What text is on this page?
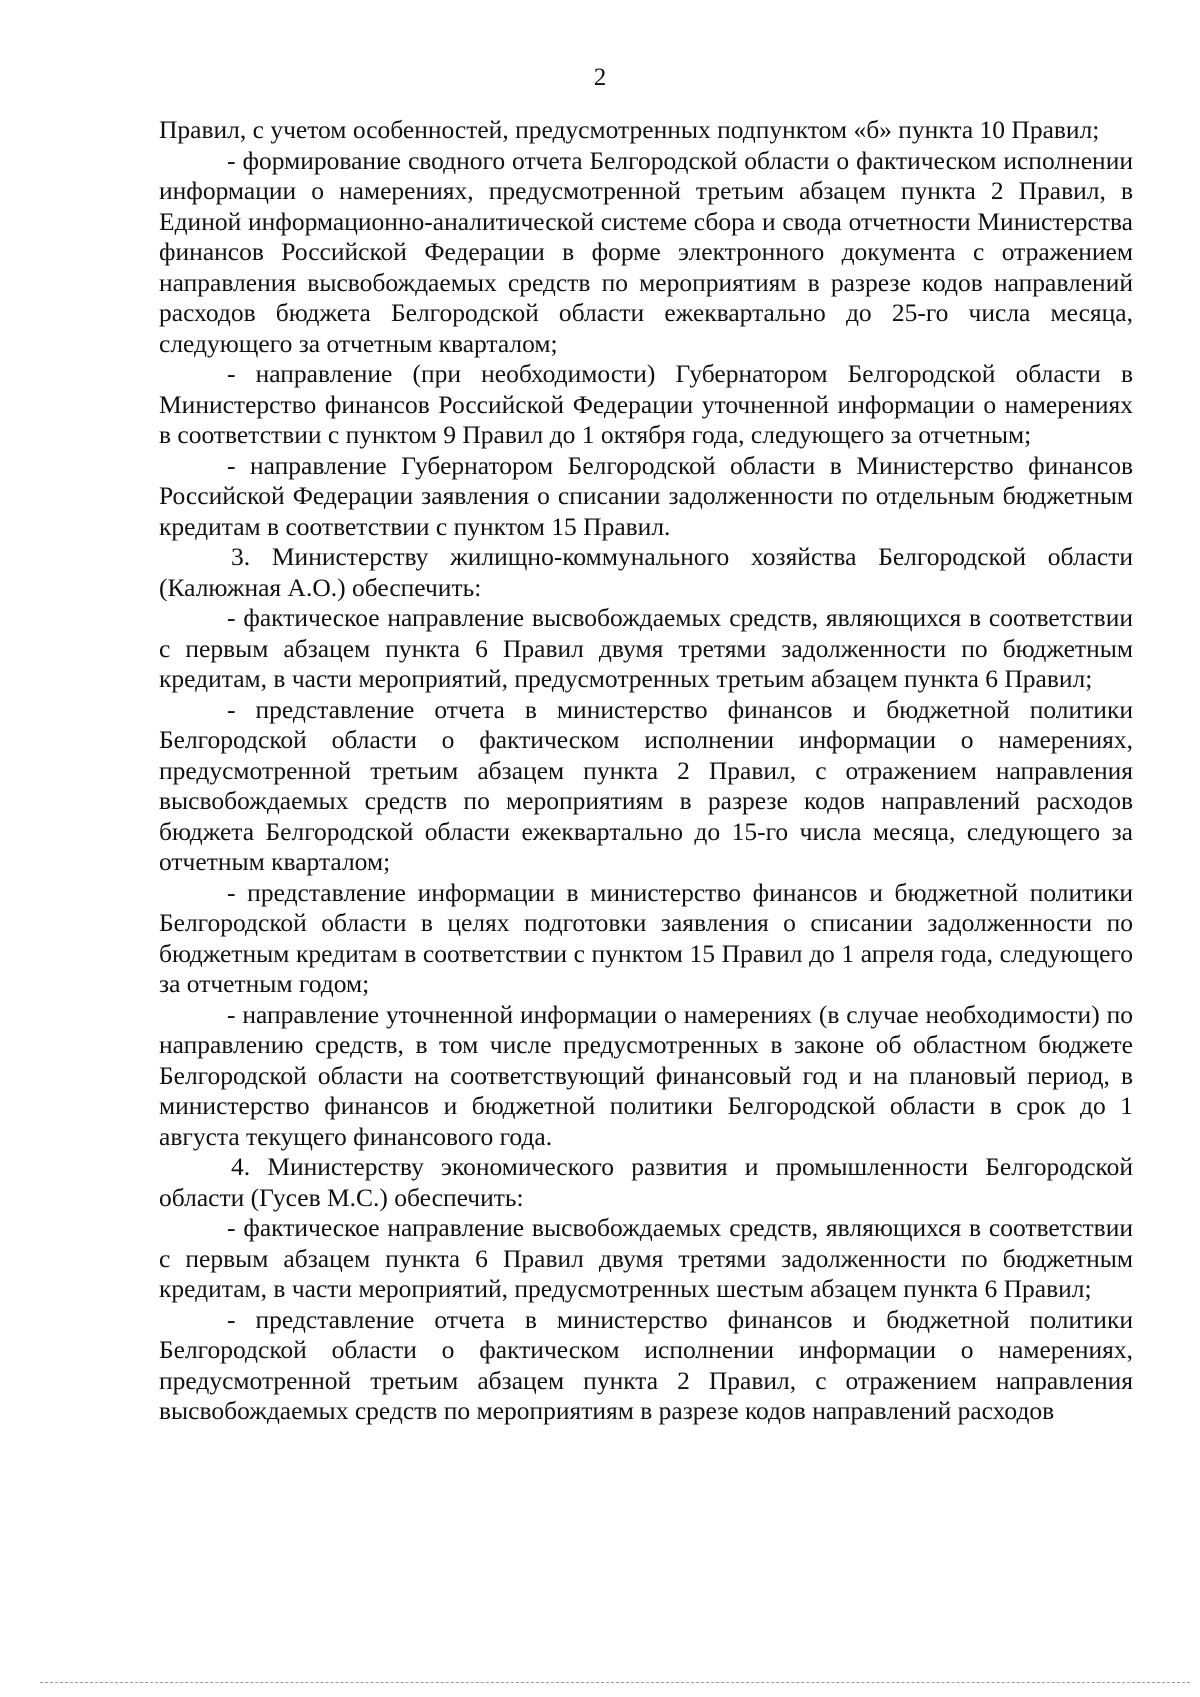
2

Правил, с учетом особенностей, предусмотренных подпунктом «б» пункта 10 Правил;

- формирование сводного отчета Белгородской области о фактическом исполнении информации о намерениях, предусмотренной третьим абзацем пункта 2 Правил, в Единой информационно-аналитической системе сбора и свода отчетности Министерства финансов Российской Федерации в форме электронного документа с отражением направления высвобождаемых средств по мероприятиям в разрезе кодов направлений расходов бюджета Белгородской области ежеквартально до 25-го числа месяца, следующего за отчетным кварталом;

- направление (при необходимости) Губернатором Белгородской области в Министерство финансов Российской Федерации уточненной информации о намерениях в соответствии с пунктом 9 Правил до 1 октября года, следующего за отчетным;

- направление Губернатором Белгородской области в Министерство финансов Российской Федерации заявления о списании задолженности по отдельным бюджетным кредитам в соответствии с пунктом 15 Правил.

3. Министерству жилищно-коммунального хозяйства Белгородской области (Калюжная А.О.) обеспечить:

- фактическое направление высвобождаемых средств, являющихся в соответствии с первым абзацем пункта 6 Правил двумя третями задолженности по бюджетным кредитам, в части мероприятий, предусмотренных третьим абзацем пункта 6 Правил;

- представление отчета в министерство финансов и бюджетной политики Белгородской области о фактическом исполнении информации о намерениях, предусмотренной третьим абзацем пункта 2 Правил, с отражением направления высвобождаемых средств по мероприятиям в разрезе кодов направлений расходов бюджета Белгородской области ежеквартально до 15-го числа месяца, следующего за отчетным кварталом;

- представление информации в министерство финансов и бюджетной политики Белгородской области в целях подготовки заявления о списании задолженности по бюджетным кредитам в соответствии с пунктом 15 Правил до 1 апреля года, следующего за отчетным годом;

- направление уточненной информации о намерениях (в случае необходимости) по направлению средств, в том числе предусмотренных в законе об областном бюджете Белгородской области на соответствующий финансовый год и на плановый период, в министерство финансов и бюджетной политики Белгородской области в срок до 1 августа текущего финансового года.

4. Министерству экономического развития и промышленности Белгородской области (Гусев М.С.) обеспечить:

- фактическое направление высвобождаемых средств, являющихся в соответствии с первым абзацем пункта 6 Правил двумя третями задолженности по бюджетным кредитам, в части мероприятий, предусмотренных шестым абзацем пункта 6 Правил;

- представление отчета в министерство финансов и бюджетной политики Белгородской области о фактическом исполнении информации о намерениях, предусмотренной третьим абзацем пункта 2 Правил, с отражением направления высвобождаемых средств по мероприятиям в разрезе кодов направлений расходов
